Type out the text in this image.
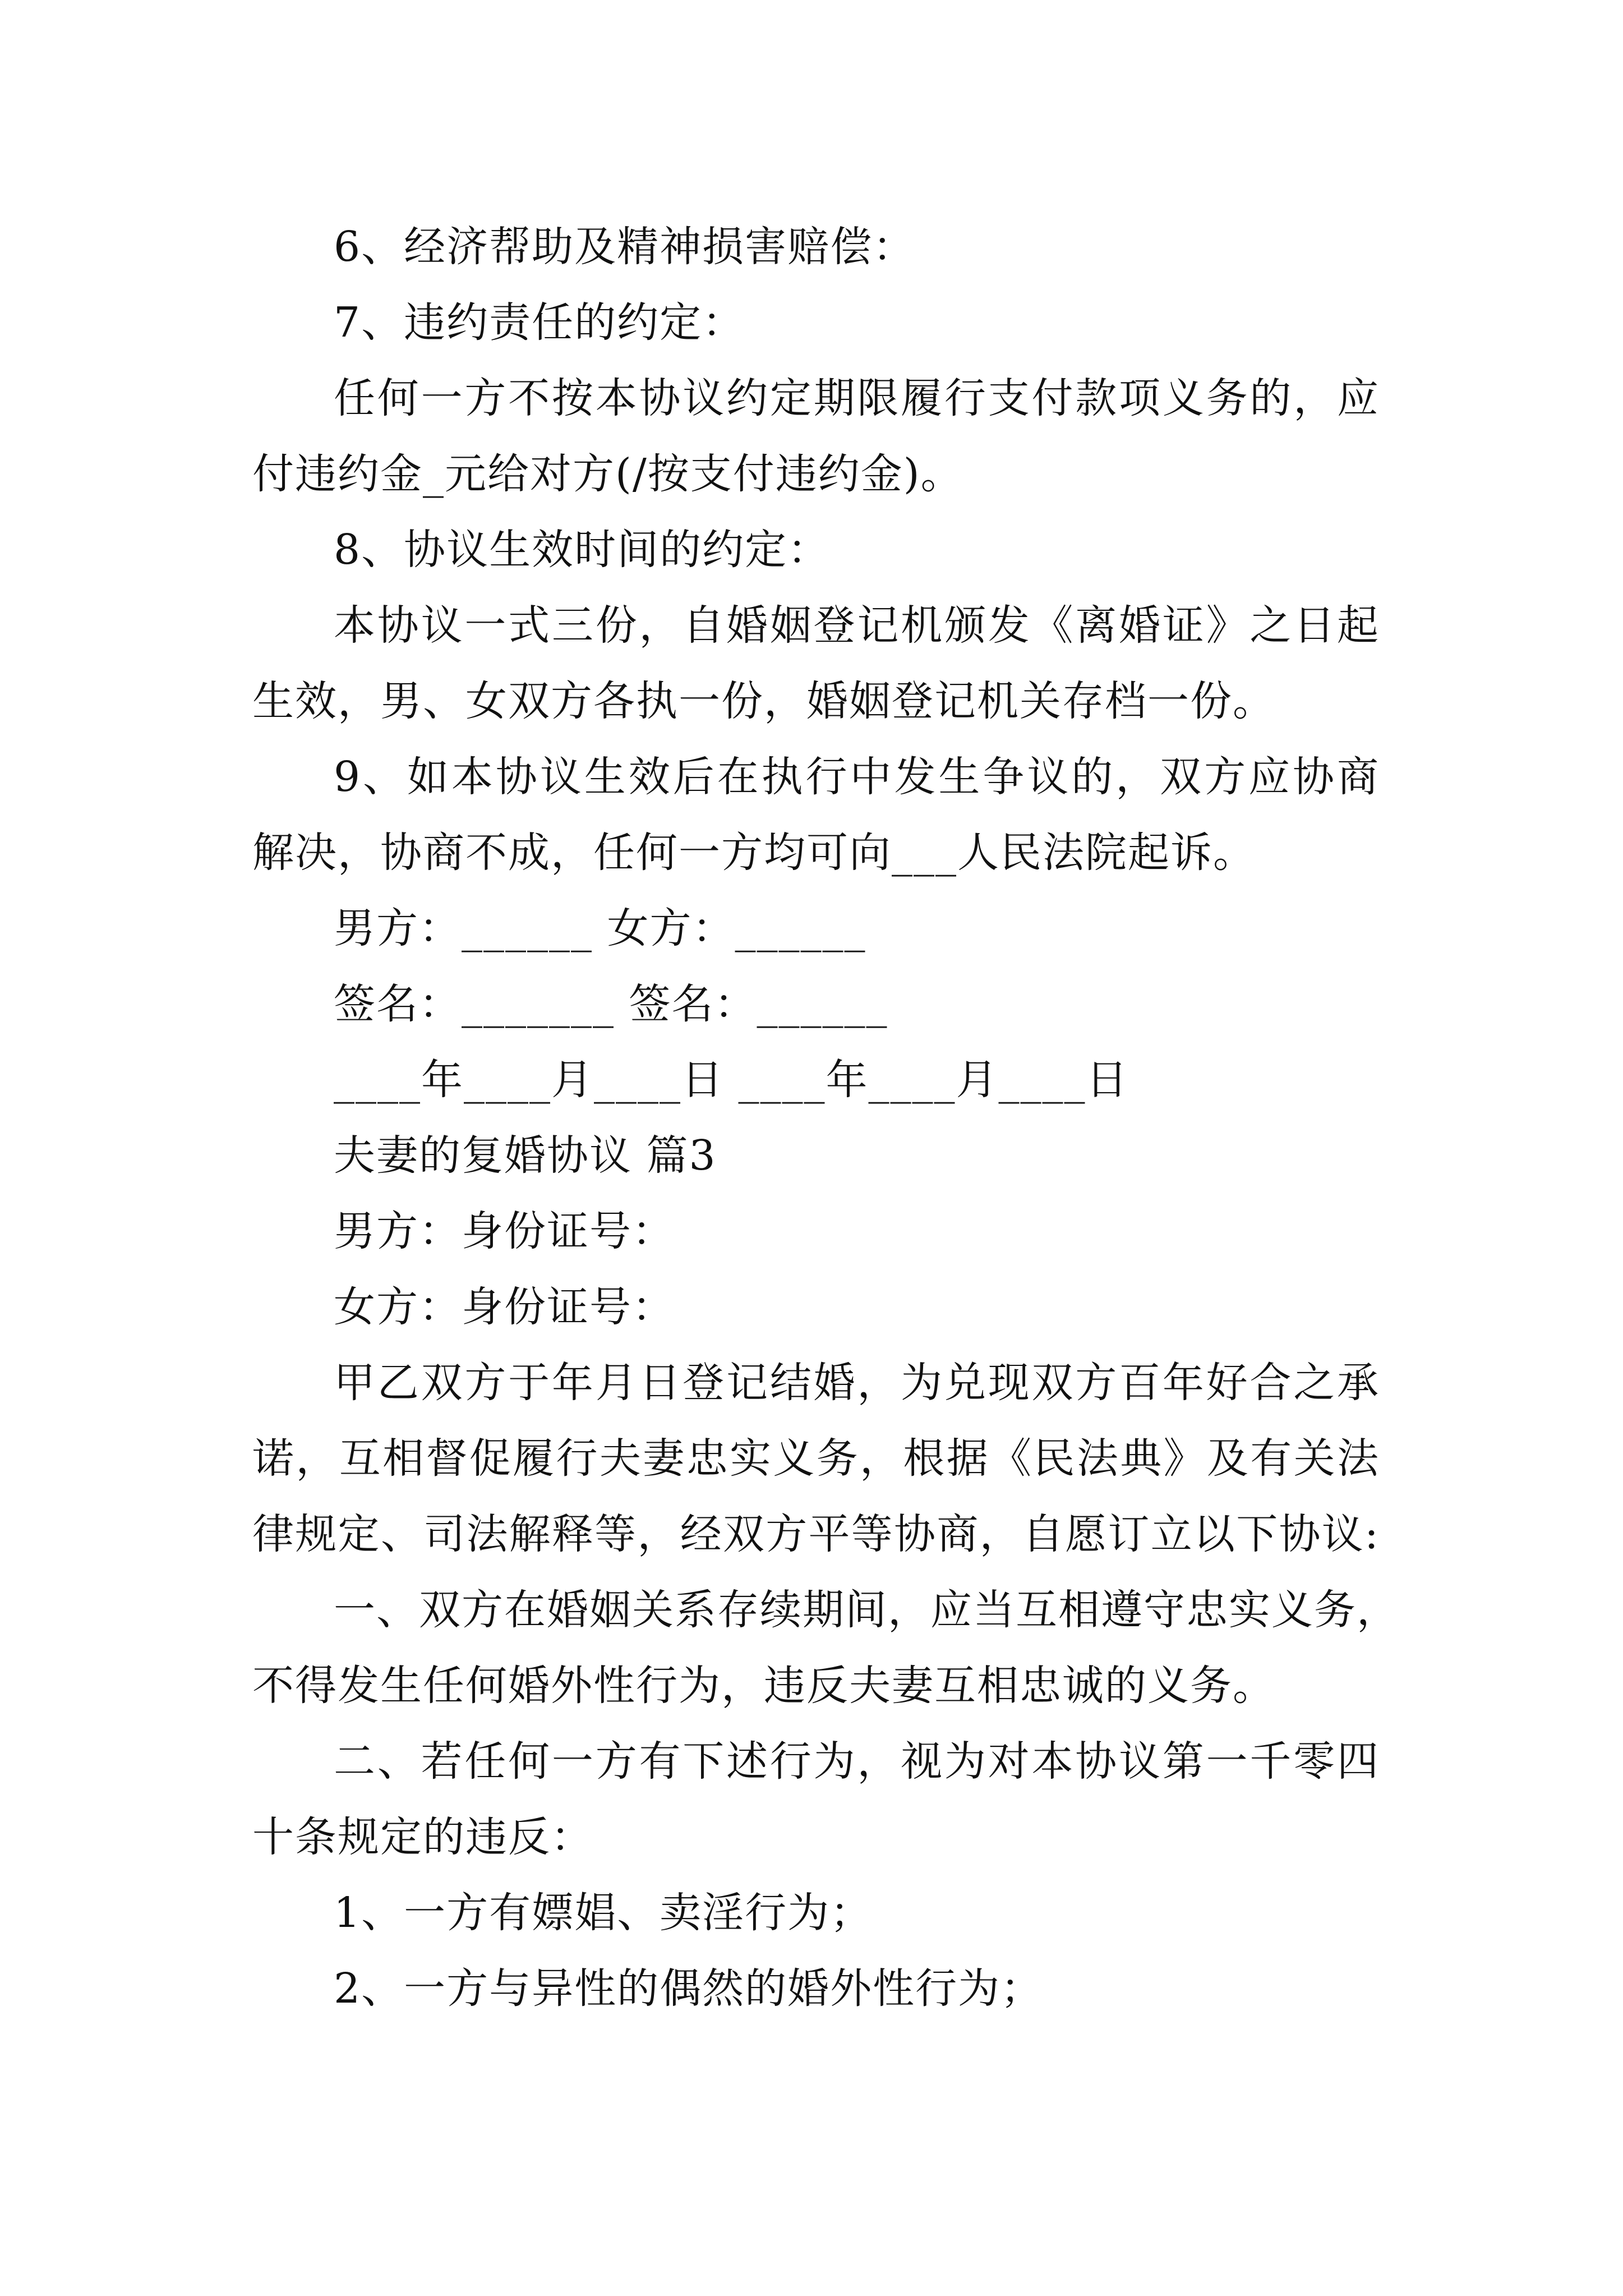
6、经济帮助及精神损害赔偿：
7、违约责任的约定：
任何一方不按本协议约定期限履行支付款项义务的，应
付违约金_元给对方(/按支付违约金)。
8、协议生效时间的约定：
本协议一式三份，自婚姻登记机颁发《离婚证》之日起
生效，男、女双方各执一份，婚姻登记机关存档一份。
9、如本协议生效后在执行中发生争议的，双方应协商
解决，协商不成，任何一方均可向___人民法院起诉。
男方：______ 女方：______
签名：_______ 签名：______
____年____月____日 ____年____月____日
夫妻的复婚协议 篇3
男方：身份证号：
女方：身份证号：
甲乙双方于年月日登记结婚，为兑现双方百年好合之承
诺，互相督促履行夫妻忠实义务，根据《民法典》及有关法
律规定、司法解释等，经双方平等协商，自愿订立以下协议:
一、双方在婚姻关系存续期间，应当互相遵守忠实义务，
不得发生任何婚外性行为，违反夫妻互相忠诚的义务。
二、若任何一方有下述行为，视为对本协议第一千零四
十条规定的违反：
1、一方有嫖娼、卖淫行为；
2、一方与异性的偶然的婚外性行为；
